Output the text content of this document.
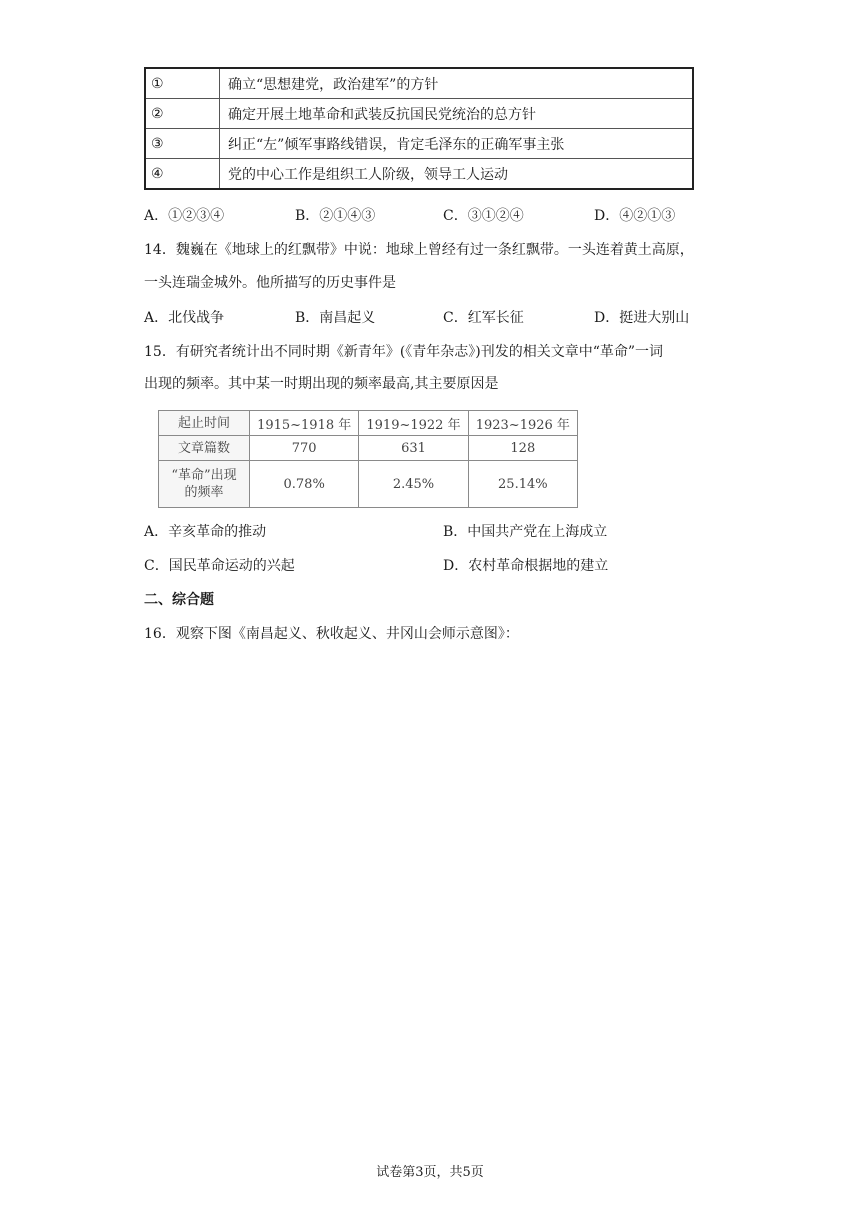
①	确立“思想建党，政治建军”的方针
②	确定开展土地革命和武装反抗国民党统治的总方针
③	纠正“左”倾军事路线错误，肯定毛泽东的正确军事主张
④	党的中心工作是组织工人阶级，领导工人运动
A．①②③④	B．②①④③	C．③①②④	D．④②①③
14．魏巍在《地球上的红飘带》中说：地球上曾经有过一条红飘带。一头连着黄土高原，
一头连瑞金城外。他所描写的历史事件是
A．北伐战争	B．南昌起义	C．红军长征	D．挺进大别山
15．有研究者统计出不同时期《新青年》(《青年杂志》)刊发的相关文章中“革命”一词
出现的频率。其中某一时期出现的频率最高,其主要原因是
起止时间	1915~1918 年	1919~1922 年	1923~1926 年
文章篇数	770	631	128

“革命”出现
的频率	0.78%	2.45%	25.14%
A．辛亥革命的推动	B．中国共产党在上海成立
C．国民革命运动的兴起	D．农村革命根据地的建立
二、综合题
16．观察下图《南昌起义、秋收起义、井冈山会师示意图》：
试卷第3页，共5页
